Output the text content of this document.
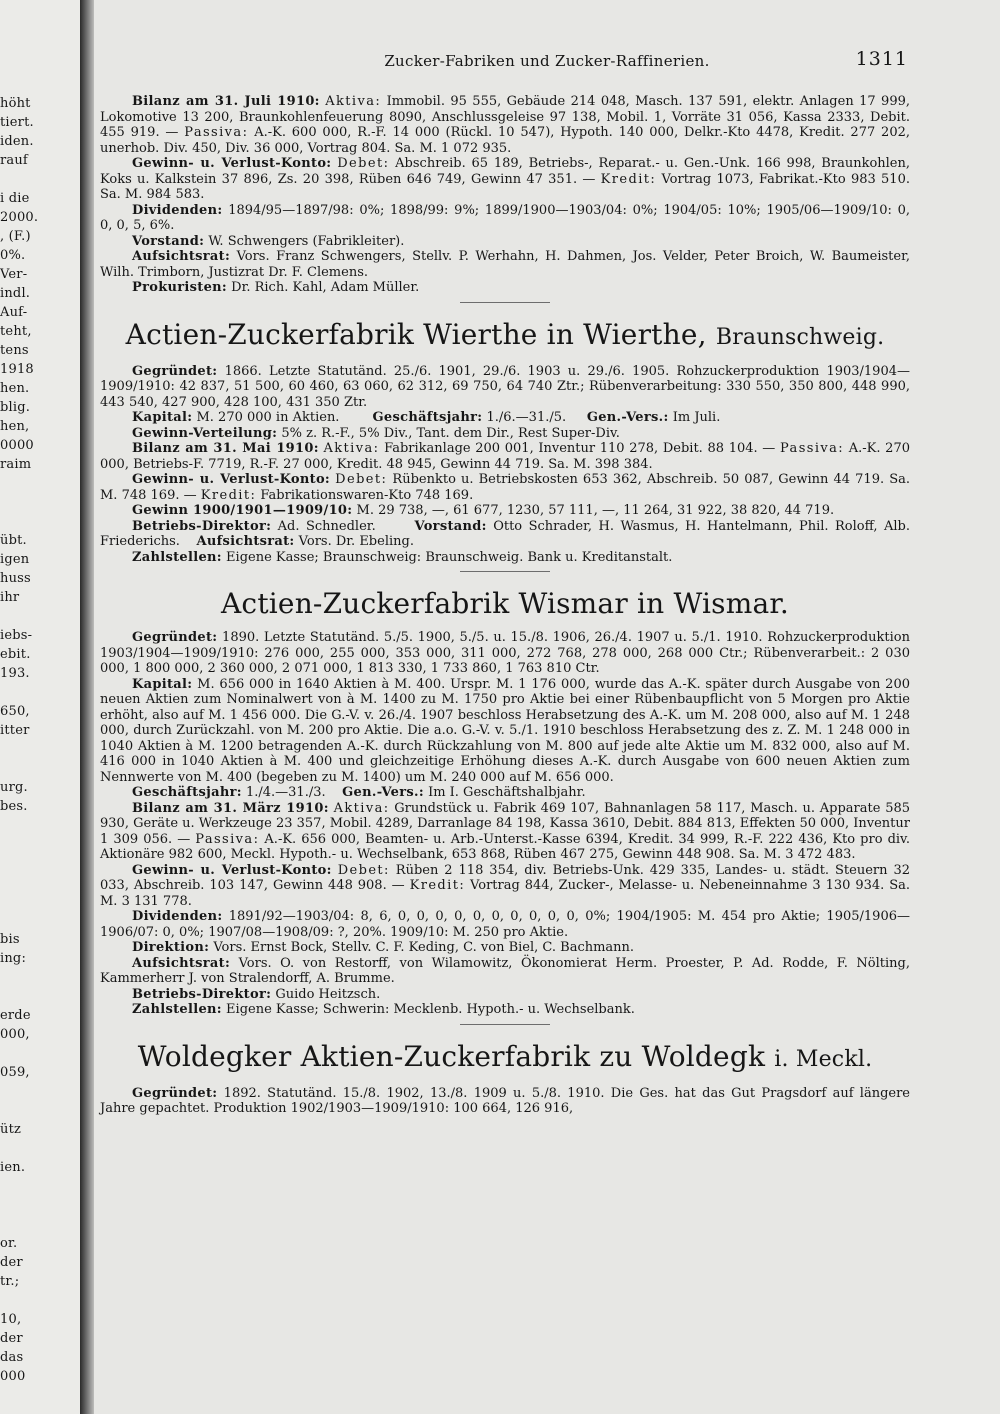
höht
tiert.
iden.
rauf
i die
2000.
, (F.)
0%.
Ver-
indl.
Auf-
teht,
tens
1918
hen.
blig.
hen,
0000
raim
übt.
igen
huss
ihr
iebs-
ebit.
193.
650,
itter
urg.
bes.
bis
ing:
erde
000,
059,
ütz
ien.
or.
der
tr.;
10,
der
das
000
Zucker-Fabriken und Zucker-Raffinerien.	1311

Bilanz am 31. Juli 1910: Aktiva: Immobil. 95 555, Gebäude 214 048, Masch. 137 591, elektr. Anlagen 17 999, Lokomotive 13 200, Braunkohlenfeuerung 8090, Anschlussgeleise 97 138, Mobil. 1, Vorräte 31 056, Kassa 2333, Debit. 455 919. — Passiva: A.-K. 600 000, R.-F. 14 000 (Rückl. 10 547), Hypoth. 140 000, Delkr.-Kto 4478, Kredit. 277 202, unerhob. Div. 450, Div. 36 000, Vortrag 804. Sa. M. 1 072 935.

Gewinn- u. Verlust-Konto: Debet: Abschreib. 65 189, Betriebs-, Reparat.- u. Gen.-Unk. 166 998, Braunkohlen, Koks u. Kalkstein 37 896, Zs. 20 398, Rüben 646 749, Gewinn 47 351. — Kredit: Vortrag 1073, Fabrikat.-Kto 983 510. Sa. M. 984 583.

Dividenden: 1894/95—1897/98: 0%; 1898/99: 9%; 1899/1900—1903/04: 0%; 1904/05: 10%; 1905/06—1909/10: 0, 0, 0, 5, 6%.

Vorstand: W. Schwengers (Fabrikleiter).

Aufsichtsrat: Vors. Franz Schwengers, Stellv. P. Werhahn, H. Dahmen, Jos. Velder, Peter Broich, W. Baumeister, Wilh. Trimborn, Justizrat Dr. F. Clemens.

Prokuristen: Dr. Rich. Kahl, Adam Müller.

Actien-Zuckerfabrik Wierthe in Wierthe, Braunschweig.

Gegründet: 1866. Letzte Statutänd. 25./6. 1901, 29./6. 1903 u. 29./6. 1905. Rohzuckerproduktion 1903/1904—1909/1910: 42 837, 51 500, 60 460, 63 060, 62 312, 69 750, 64 740 Ztr.; Rübenverarbeitung: 330 550, 350 800, 448 990, 443 540, 427 900, 428 100, 431 350 Ztr.

Kapital: M. 270 000 in Aktien.	Geschäftsjahr: 1./6.—31./5. Gen.-Vers.: Im Juli.

Gewinn-Verteilung: 5% z. R.-F., 5% Div., Tant. dem Dir., Rest Super-Div.

Bilanz am 31. Mai 1910: Aktiva: Fabrikanlage 200 001, Inventur 110 278, Debit. 88 104. — Passiva: A.-K. 270 000, Betriebs-F. 7719, R.-F. 27 000, Kredit. 48 945, Gewinn 44 719. Sa. M. 398 384.

Gewinn- u. Verlust-Konto: Debet: Rübenkto u. Betriebskosten 653 362, Abschreib. 50 087, Gewinn 44 719. Sa. M. 748 169. — Kredit: Fabrikationswaren-Kto 748 169.

Gewinn 1900/1901—1909/10: M. 29 738, —, 61 677, 1230, 57 111, —, 11 264, 31 922, 38 820, 44 719.

Betriebs-Direktor: Ad. Schnedler.	Vorstand: Otto Schrader, H. Wasmus, H. Hantelmann, Phil. Roloff, Alb. Friederichs. Aufsichtsrat: Vors. Dr. Ebeling.

Zahlstellen: Eigene Kasse; Braunschweig: Braunschweig. Bank u. Kreditanstalt.

Actien-Zuckerfabrik Wismar in Wismar.

Gegründet: 1890. Letzte Statutänd. 5./5. 1900, 5./5. u. 15./8. 1906, 26./4. 1907 u. 5./1. 1910. Rohzuckerproduktion 1903/1904—1909/1910: 276 000, 255 000, 353 000, 311 000, 272 768, 278 000, 268 000 Ctr.; Rübenverarbeit.: 2 030 000, 1 800 000, 2 360 000, 2 071 000, 1 813 330, 1 733 860, 1 763 810 Ctr.

Kapital: M. 656 000 in 1640 Aktien à M. 400. Urspr. M. 1 176 000, wurde das A.-K. später durch Ausgabe von 200 neuen Aktien zum Nominalwert von à M. 1400 zu M. 1750 pro Aktie bei einer Rübenbaupflicht von 5 Morgen pro Aktie erhöht, also auf M. 1 456 000. Die G.-V. v. 26./4. 1907 beschloss Herabsetzung des A.-K. um M. 208 000, also auf M. 1 248 000, durch Zurückzahl. von M. 200 pro Aktie. Die a.o. G.-V. v. 5./1. 1910 beschloss Herabsetzung des z. Z. M. 1 248 000 in 1040 Aktien à M. 1200 betragenden A.-K. durch Rückzahlung von M. 800 auf jede alte Aktie um M. 832 000, also auf M. 416 000 in 1040 Aktien à M. 400 und gleichzeitige Erhöhung dieses A.-K. durch Ausgabe von 600 neuen Aktien zum Nennwerte von M. 400 (begeben zu M. 1400) um M. 240 000 auf M. 656 000.

Geschäftsjahr: 1./4.—31./3. Gen.-Vers.: Im I. Geschäftshalbjahr.

Bilanz am 31. März 1910: Aktiva: Grundstück u. Fabrik 469 107, Bahnanlagen 58 117, Masch. u. Apparate 585 930, Geräte u. Werkzeuge 23 357, Mobil. 4289, Darranlage 84 198, Kassa 3610, Debit. 884 813, Effekten 50 000, Inventur 1 309 056. — Passiva: A.-K. 656 000, Beamten- u. Arb.-Unterst.-Kasse 6394, Kredit. 34 999, R.-F. 222 436, Kto pro div. Aktionäre 982 600, Meckl. Hypoth.- u. Wechselbank, 653 868, Rüben 467 275, Gewinn 448 908. Sa. M. 3 472 483.

Gewinn- u. Verlust-Konto: Debet: Rüben 2 118 354, div. Betriebs-Unk. 429 335, Landes- u. städt. Steuern 32 033, Abschreib. 103 147, Gewinn 448 908. — Kredit: Vortrag 844, Zucker-, Melasse- u. Nebeneinnahme 3 130 934. Sa. M. 3 131 778.

Dividenden: 1891/92—1903/04: 8, 6, 0, 0, 0, 0, 0, 0, 0, 0, 0, 0, 0%; 1904/1905: M. 454 pro Aktie; 1905/1906—1906/07: 0, 0%; 1907/08—1908/09: ?, 20%. 1909/10: M. 250 pro Aktie.

Direktion: Vors. Ernst Bock, Stellv. C. F. Keding, C. von Biel, C. Bachmann.

Aufsichtsrat: Vors. O. von Restorff, von Wilamowitz, Ökonomierat Herm. Proester, P. Ad. Rodde, F. Nölting, Kammerherr J. von Stralendorff, A. Brumme.

Betriebs-Direktor: Guido Heitzsch.

Zahlstellen: Eigene Kasse; Schwerin: Mecklenb. Hypoth.- u. Wechselbank.

Woldegker Aktien-Zuckerfabrik zu Woldegk i. Meckl.

Gegründet: 1892. Statutänd. 15./8. 1902, 13./8. 1909 u. 5./8. 1910. Die Ges. hat das Gut Pragsdorf auf längere Jahre gepachtet. Produktion 1902/1903—1909/1910: 100 664, 126 916,
